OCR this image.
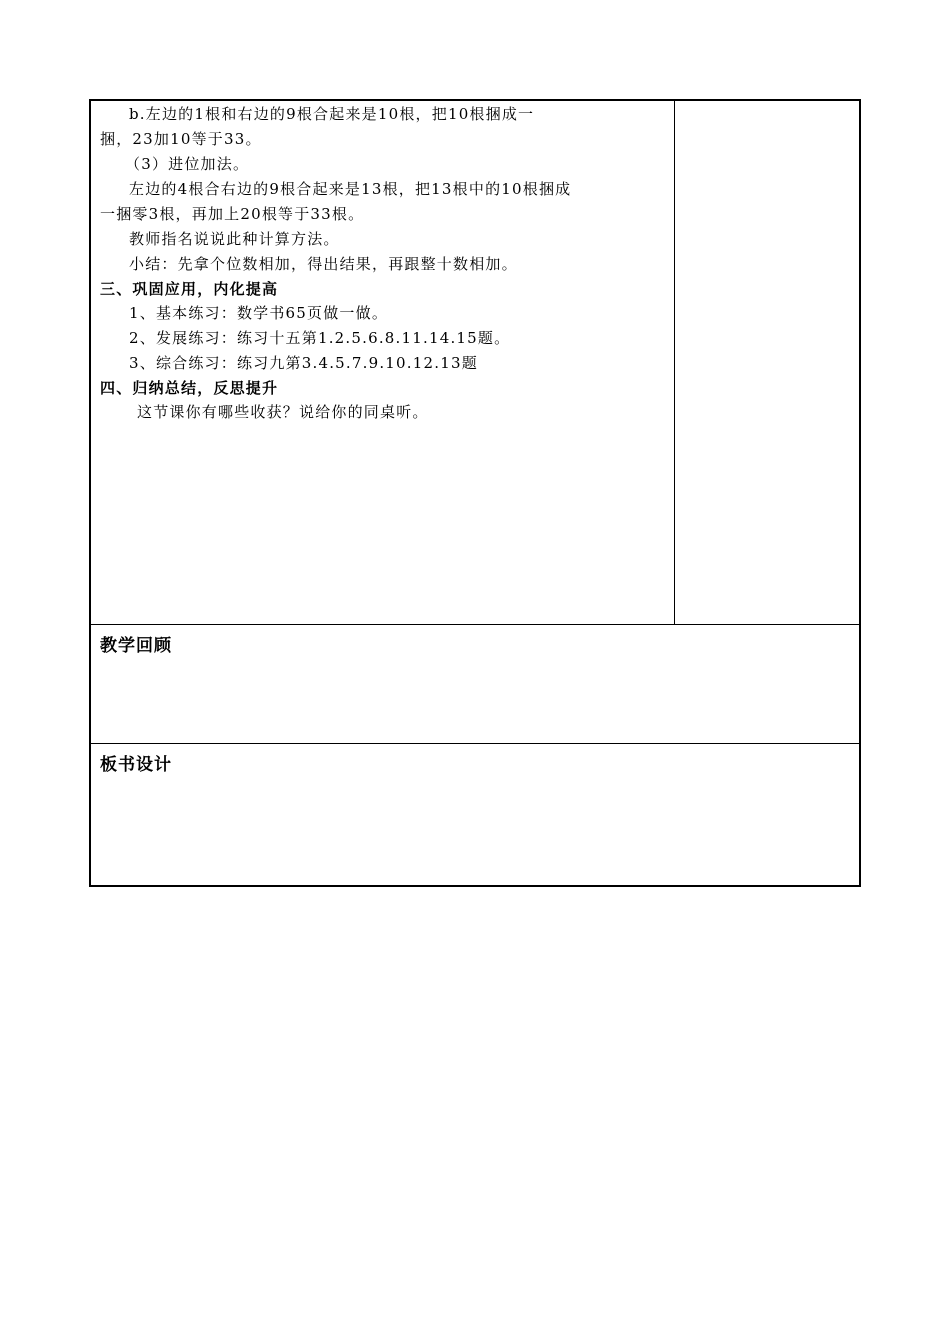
b.左边的1根和右边的9根合起来是10根，把10根捆成一
捆，23加10等于33。
（3）进位加法。
左边的4根合右边的9根合起来是13根，把13根中的10根捆成
一捆零3根，再加上20根等于33根。
教师指名说说此种计算方法。
小结：先拿个位数相加，得出结果，再跟整十数相加。
三、巩固应用，内化提高
1、基本练习：数学书65页做一做。
2、发展练习：练习十五第1.2.5.6.8.11.14.15题。
3、综合练习：练习九第3.4.5.7.9.10.12.13题
四、归纳总结，反思提升
这节课你有哪些收获？说给你的同桌听。
教学回顾
板书设计
